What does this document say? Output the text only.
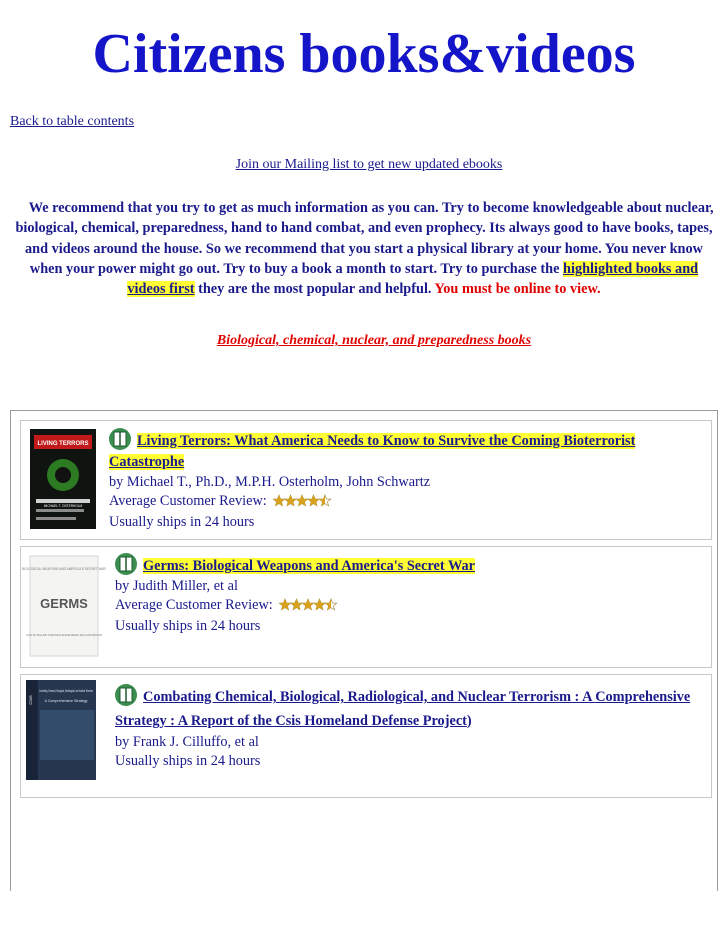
Citizens books&videos
Back to table contents
Join our Mailing list to get new updated ebooks
We recommend that you try to get as much information as you can. Try to become knowledgeable about nuclear, biological, chemical, preparedness, hand to hand combat, and even prophecy. Its always good to have books, tapes, and videos around the house. So we recommend that you start a physical library at your home. You never know when your power might go out. Try to buy a book a month to start. Try to purchase the highlighted books and videos first they are the most popular and helpful. You must be online to view.
Biological, chemical, nuclear, and preparedness books
LIVING TERRORS
MICHAEL T. OSTERHOLM
Living Terrors: What America Needs to Know to Survive the Coming Bioterrorist Catastrophe
by Michael T., Ph.D., M.P.H. Osterholm, John Schwartz
Average Customer Review:
Usually ships in 24 hours
BIOLOGICAL WEAPONS AND AMERICA'S SECRET WAR
GERMS
JUDITH MILLER STEPHEN ENGELBERG WILLIAM BROAD
Germs: Biological Weapons and America's Secret War
by Judith Miller, et al
Average Customer Review:
Usually ships in 24 hours
Combating Chemical, Biological, Radiological, and Nuclear Terrorism
A Comprehensive Strategy
CSIS	Combating Chemical, Biological, Radiological, and Nuclear Terrorism : A Comprehensive Strategy : A Report of the Csis Homeland Defense Project)
by Frank J. Cilluffo, et al
Usually ships in 24 hours
